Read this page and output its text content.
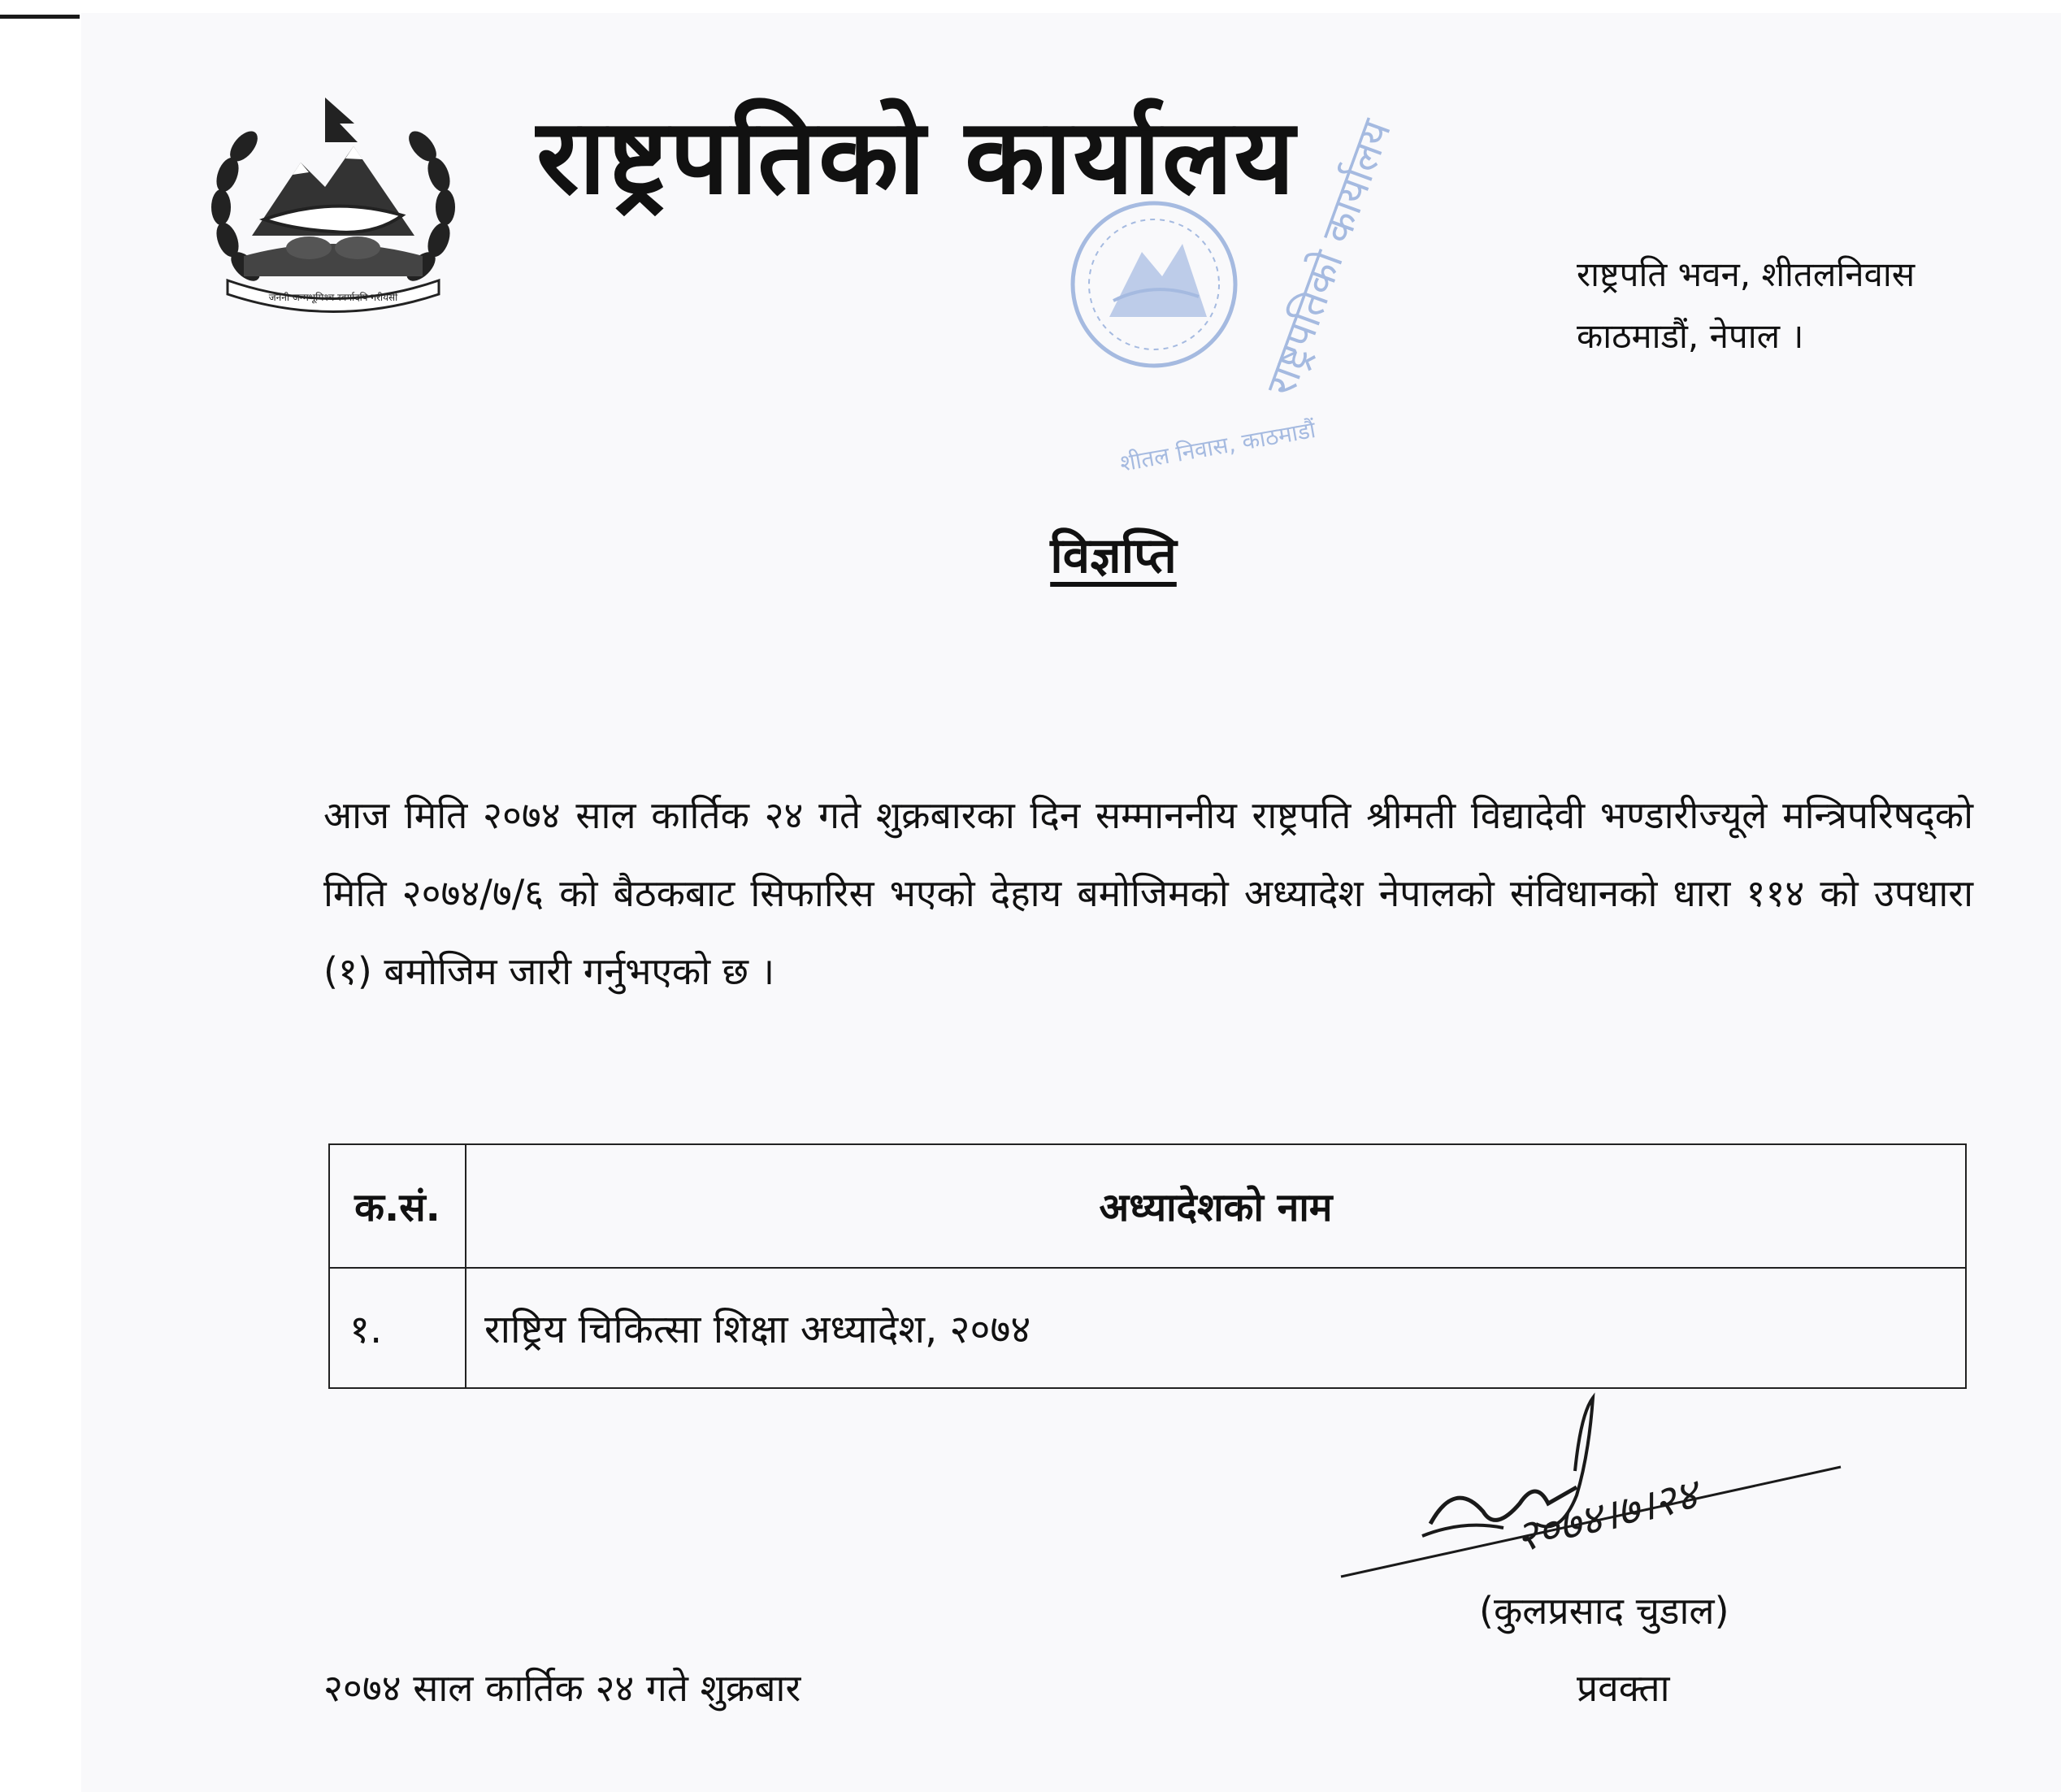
जननी जन्मभूमिश्च स्वर्गादपि गरीयसी
राष्ट्रपतिको कार्यालय
राष्ट्रपतिको कार्यालय
शीतल निवास, काठमाडौं
राष्ट्रपति भवन, शीतलनिवास
काठमाडौं, नेपाल ।
विज्ञप्ति
आज मिति २०७४ साल कार्तिक २४ गते शुक्रबारका दिन सम्माननीय राष्ट्रपति श्रीमती विद्यादेवी भण्डारीज्यूले मन्त्रिपरिषद्को मिति २०७४/७/६ को बैठकबाट सिफारिस भएको देहाय बमोजिमको अध्यादेश नेपालको संविधानको धारा ११४ को उपधारा (१) बमोजिम जारी गर्नुभएको छ ।
क.सं.	अध्यादेशको नाम
१.	राष्ट्रिय चिकित्सा शिक्षा अध्यादेश, २०७४
२०७४।७।२४
(कुलप्रसाद चुडाल)
प्रवक्ता
२०७४ साल कार्तिक २४ गते शुक्रबार
